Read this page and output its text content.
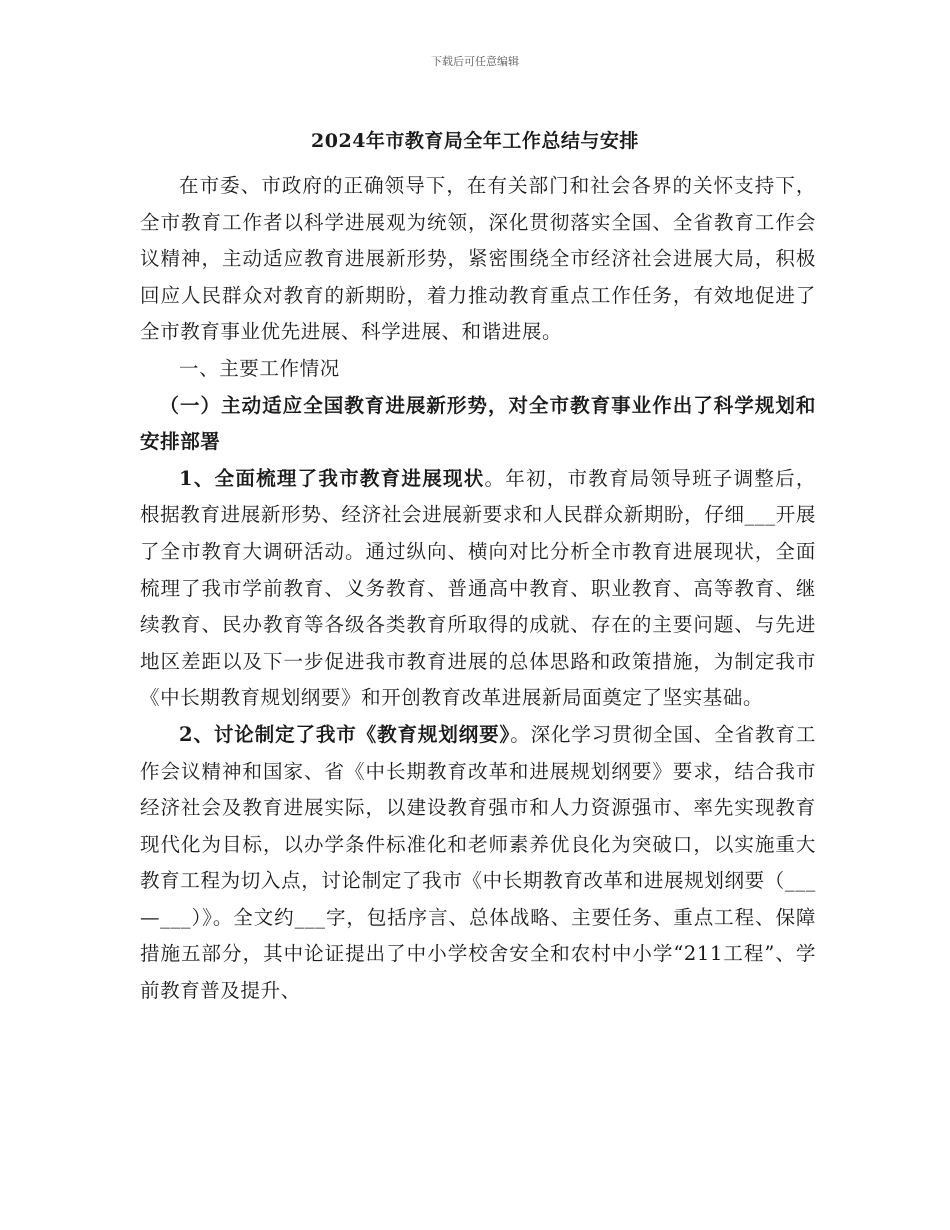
下载后可任意编辑
2024年市教育局全年工作总结与安排

在市委、市政府的正确领导下，在有关部门和社会各界的关怀支持下，全市教育工作者以科学进展观为统领，深化贯彻落实全国、全省教育工作会议精神，主动适应教育进展新形势，紧密围绕全市经济社会进展大局，积极回应人民群众对教育的新期盼，着力推动教育重点工作任务，有效地促进了全市教育事业优先进展、科学进展、和谐进展。

一、主要工作情况

（一）主动适应全国教育进展新形势，对全市教育事业作出了科学规划和安排部署

1、全面梳理了我市教育进展现状。年初，市教育局领导班子调整后，根据教育进展新形势、经济社会进展新要求和人民群众新期盼，仔细___开展了全市教育大调研活动。通过纵向、横向对比分析全市教育进展现状，全面梳理了我市学前教育、义务教育、普通高中教育、职业教育、高等教育、继续教育、民办教育等各级各类教育所取得的成就、存在的主要问题、与先进地区差距以及下一步促进我市教育进展的总体思路和政策措施，为制定我市《中长期教育规划纲要》和开创教育改革进展新局面奠定了坚实基础。

2、讨论制定了我市《教育规划纲要》。深化学习贯彻全国、全省教育工作会议精神和国家、省《中长期教育改革和进展规划纲要》要求，结合我市经济社会及教育进展实际，以建设教育强市和人力资源强市、率先实现教育现代化为目标，以办学条件标准化和老师素养优良化为突破口，以实施重大教育工程为切入点，讨论制定了我市《中长期教育改革和进展规划纲要（___—___）》。全文约___字，包括序言、总体战略、主要任务、重点工程、保障措施五部分，其中论证提出了中小学校舍安全和农村中小学“211工程”、学前教育普及提升、
